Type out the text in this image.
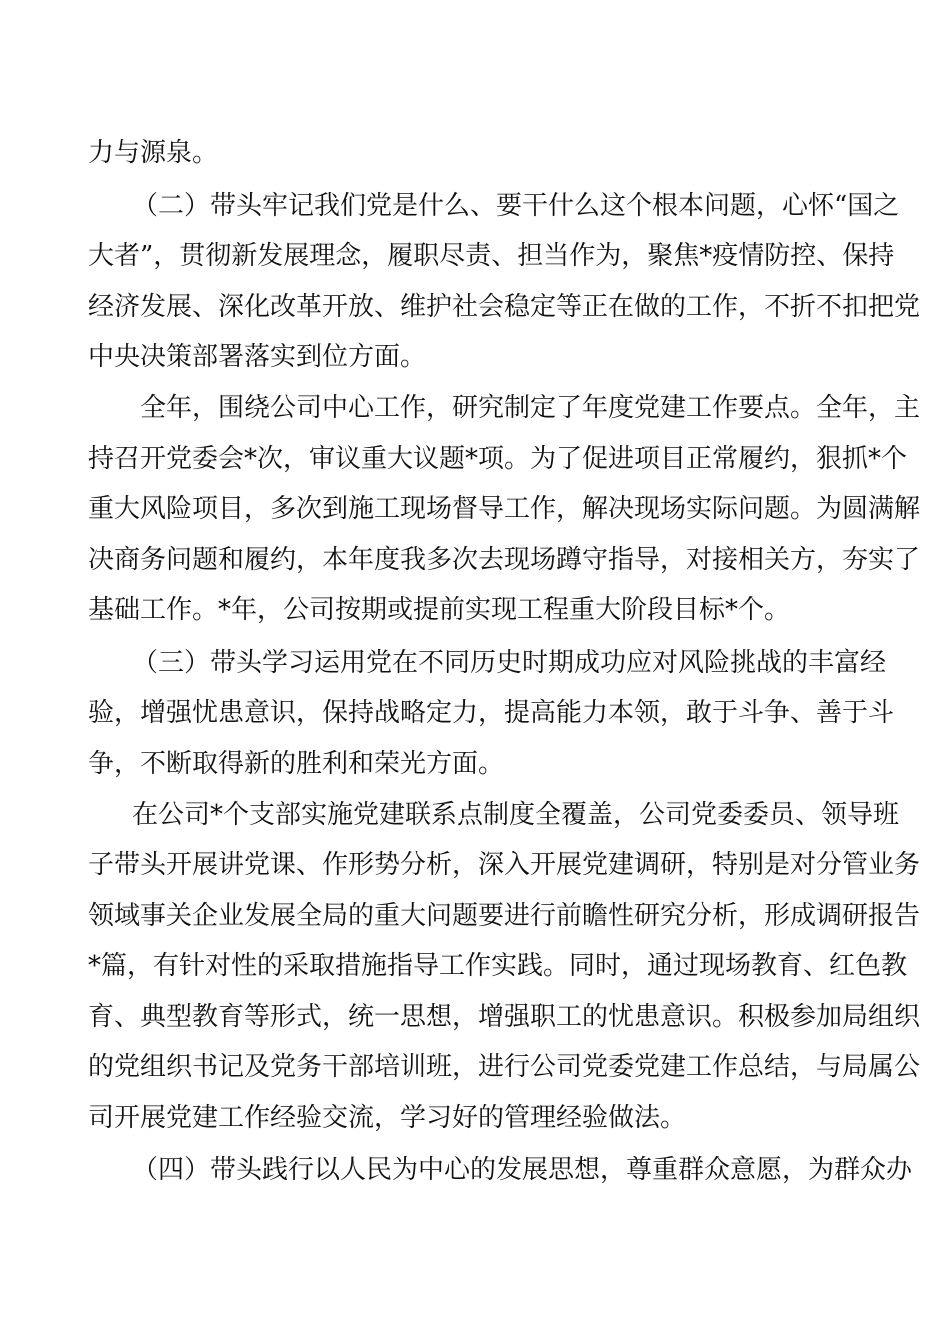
力与源泉。
（二）带头牢记我们党是什么、要干什么这个根本问题，心怀“国之
大者”，贯彻新发展理念，履职尽责、担当作为，聚焦*疫情防控、保持
经济发展、深化改革开放、维护社会稳定等正在做的工作，不折不扣把党
中央决策部署落实到位方面。
全年，围绕公司中心工作，研究制定了年度党建工作要点。全年，主
持召开党委会*次，审议重大议题*项。为了促进项目正常履约，狠抓*个
重大风险项目，多次到施工现场督导工作，解决现场实际问题。为圆满解
决商务问题和履约，本年度我多次去现场蹲守指导，对接相关方，夯实了
基础工作。*年，公司按期或提前实现工程重大阶段目标*个。
（三）带头学习运用党在不同历史时期成功应对风险挑战的丰富经
验，增强忧患意识，保持战略定力，提高能力本领，敢于斗争、善于斗
争，不断取得新的胜利和荣光方面。
在公司*个支部实施党建联系点制度全覆盖，公司党委委员、领导班
子带头开展讲党课、作形势分析，深入开展党建调研，特别是对分管业务
领域事关企业发展全局的重大问题要进行前瞻性研究分析，形成调研报告
*篇，有针对性的采取措施指导工作实践。同时，通过现场教育、红色教
育、典型教育等形式，统一思想，增强职工的忧患意识。积极参加局组织
的党组织书记及党务干部培训班，进行公司党委党建工作总结，与局属公
司开展党建工作经验交流，学习好的管理经验做法。
（四）带头践行以人民为中心的发展思想，尊重群众意愿，为群众办
